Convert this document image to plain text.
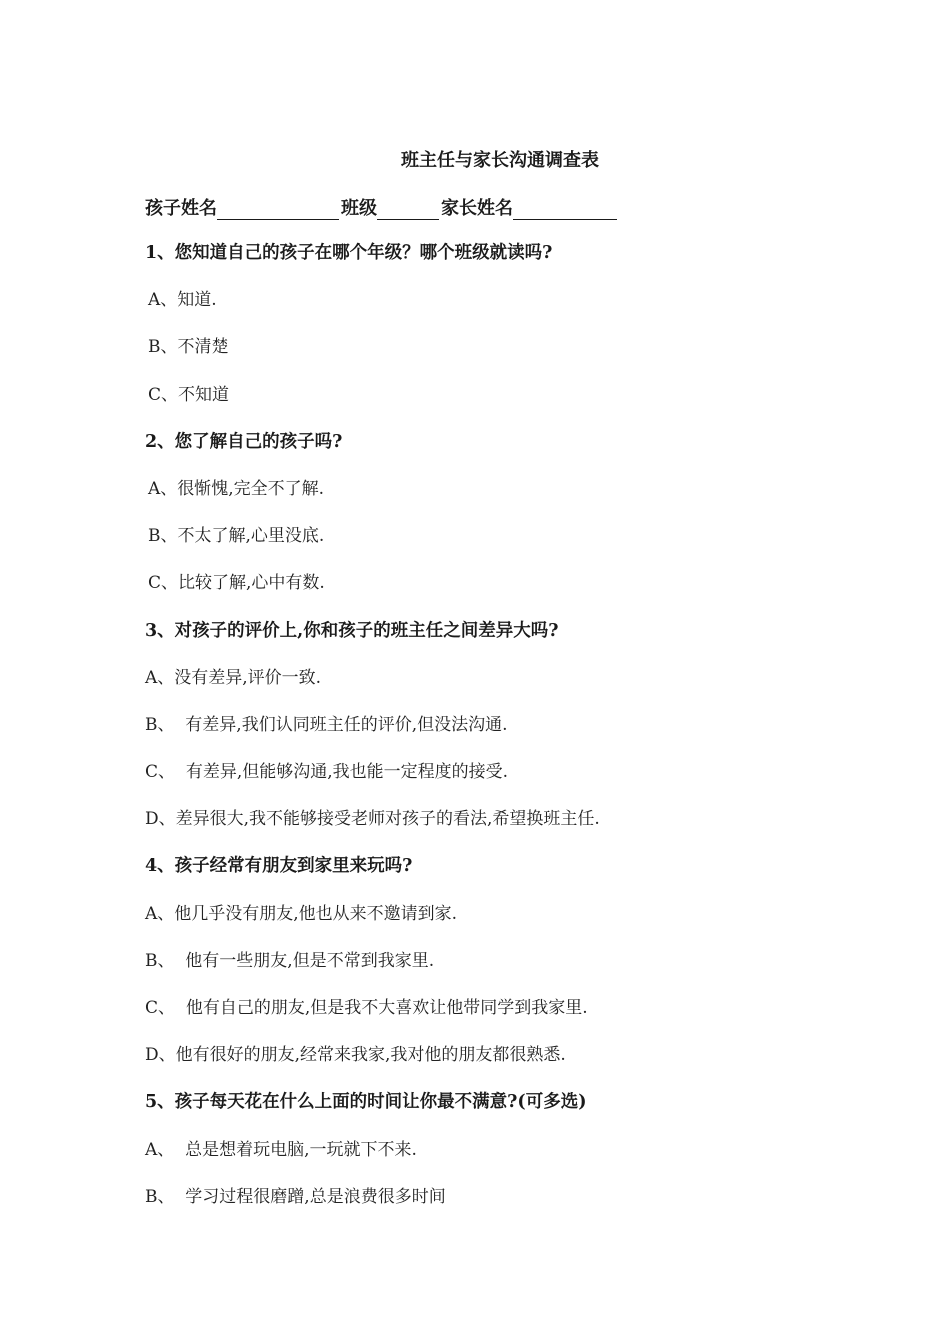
班主任与家长沟通调查表
孩子姓名	班级	家长姓名
1、您知道自己的孩子在哪个年级？哪个班级就读吗?
A、知道.
B、不清楚
C、不知道
2、您了解自己的孩子吗?
A、很惭愧,完全不了解.
B、不太了解,心里没底.
C、比较了解,心中有数.
3、对孩子的评价上,你和孩子的班主任之间差异大吗?
A、没有差异,评价一致.
B、  有差异,我们认同班主任的评价,但没法沟通.
C、  有差异,但能够沟通,我也能一定程度的接受.
D、差异很大,我不能够接受老师对孩子的看法,希望换班主任.
4、孩子经常有朋友到家里来玩吗?
A、他几乎没有朋友,他也从来不邀请到家.
B、  他有一些朋友,但是不常到我家里.
C、  他有自己的朋友,但是我不大喜欢让他带同学到我家里.
D、他有很好的朋友,经常来我家,我对他的朋友都很熟悉.
5、孩子每天花在什么上面的时间让你最不满意?(可多选)
A、  总是想着玩电脑,一玩就下不来.
B、  学习过程很磨蹭,总是浪费很多时间
